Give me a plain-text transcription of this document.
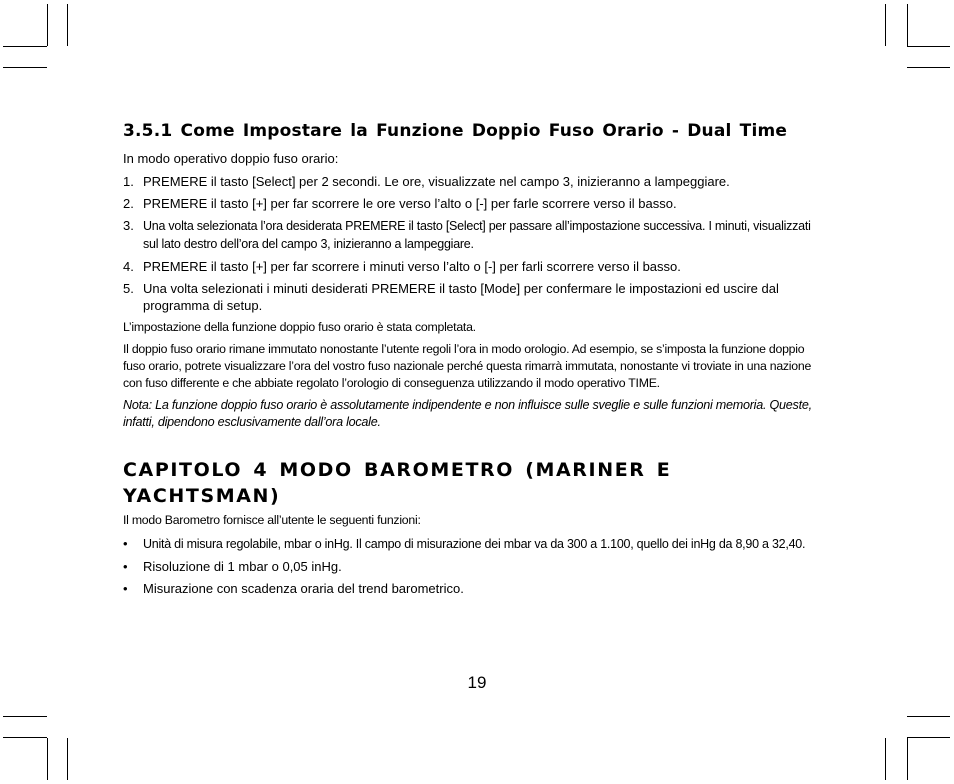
3.5.1 Come Impostare la Funzione Doppio Fuso Orario - Dual Time

In modo operativo doppio fuso orario:

1. PREMERE il tasto [Select] per 2 secondi. Le ore, visualizzate nel campo 3, inizieranno a lampeggiare.
2. PREMERE il tasto [+] per far scorrere le ore verso l’alto o [-] per farle scorrere verso il basso.
3. Una volta selezionata l’ora desiderata PREMERE il tasto [Select] per passare all’impostazione successiva. I minuti, visualizzati sul lato destro dell’ora del campo 3, inizieranno a lampeggiare.
4. PREMERE il tasto [+] per far scorrere i minuti verso l’alto o [-] per farli scorrere verso il basso.
5. Una volta selezionati i minuti desiderati PREMERE il tasto [Mode] per confermare le impostazioni ed uscire dal programma di setup.

L’impostazione della funzione doppio fuso orario è stata completata.

Il doppio fuso orario rimane immutato nonostante l’utente regoli l’ora in modo orologio. Ad esempio, se s’imposta la funzione doppio fuso orario, potrete visualizzare l’ora del vostro fuso nazionale perché questa rimarrà immutata, nonostante vi troviate in una nazione con fuso differente e che abbiate regolato l’orologio di conseguenza utilizzando il modo operativo TIME.

Nota: La funzione doppio fuso orario è assolutamente indipendente e non influisce sulle sveglie e sulle funzioni memoria. Queste, infatti, dipendono esclusivamente dall’ora locale.

CAPITOLO 4 MODO BAROMETRO (MARINER E YACHTSMAN)

Il modo Barometro fornisce all’utente le seguenti funzioni:

• Unità di misura regolabile, mbar o inHg. Il campo di misurazione dei mbar va da 300 a 1.100, quello dei inHg da 8,90 a 32,40.
• Risoluzione di 1 mbar o 0,05 inHg.
• Misurazione con scadenza oraria del trend barometrico.
19
